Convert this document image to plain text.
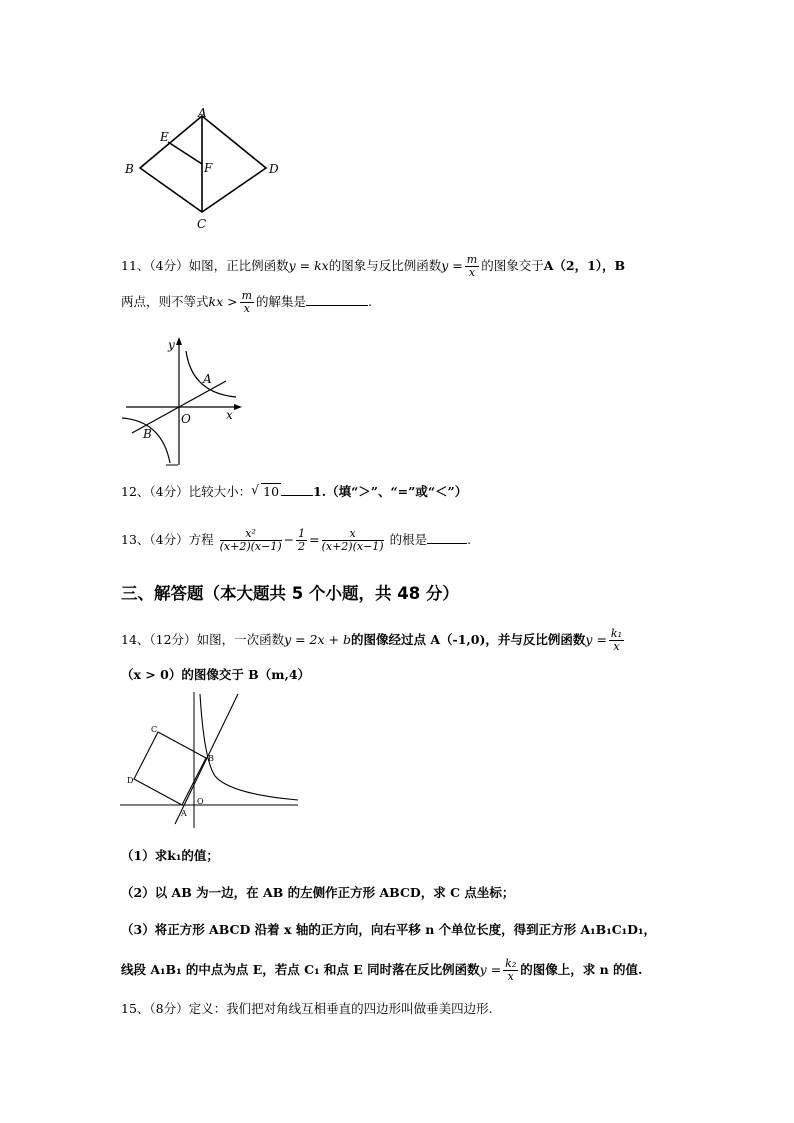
A
B
C
D
E
F
11、（4分）如图，正比例函数y = kx的图象与反比例函数$y = \frac{m}{x}$ 的图象交于A（2，1），B
两点，则不等式kx > $\frac{m}{x}$ 的解集是	.
y
x
O
A
B
12、（4分）比较大小： √ 10	1.（填“＞”、“=”或“＜”）
13、（4分）方程 $\frac{\text{x²}}{(x+2)(x-1)} - \frac{1}{2} = \frac{x}{(x+2)(x-1)}$ 的根是	.
三、解答题（本大题共 5 个小题，共 48 分）
14、（12分）如图，一次函数y = 2x + b的图像经过点 A（-1,0)，并与反比例函数$y = \frac{\text{k₁}}{x}$
（x > 0）的图像交于 B（m,4）
C
D
B
A
O
（1）求k₁的值；
（2）以 AB 为一边，在 AB 的左侧作正方形 ABCD，求 C 点坐标；
（3）将正方形 ABCD 沿着 x 轴的正方向，向右平移 n 个单位长度，得到正方形 A₁B₁C₁D₁，
线段 A₁B₁ 的中点为点 E，若点 C₁ 和点 E 同时落在反比例函数$y = \frac{\text{k₂}}{x}$ 的图像上，求 n 的值.
15、（8分）定义：我们把对角线互相垂直的四边形叫做垂美四边形.
